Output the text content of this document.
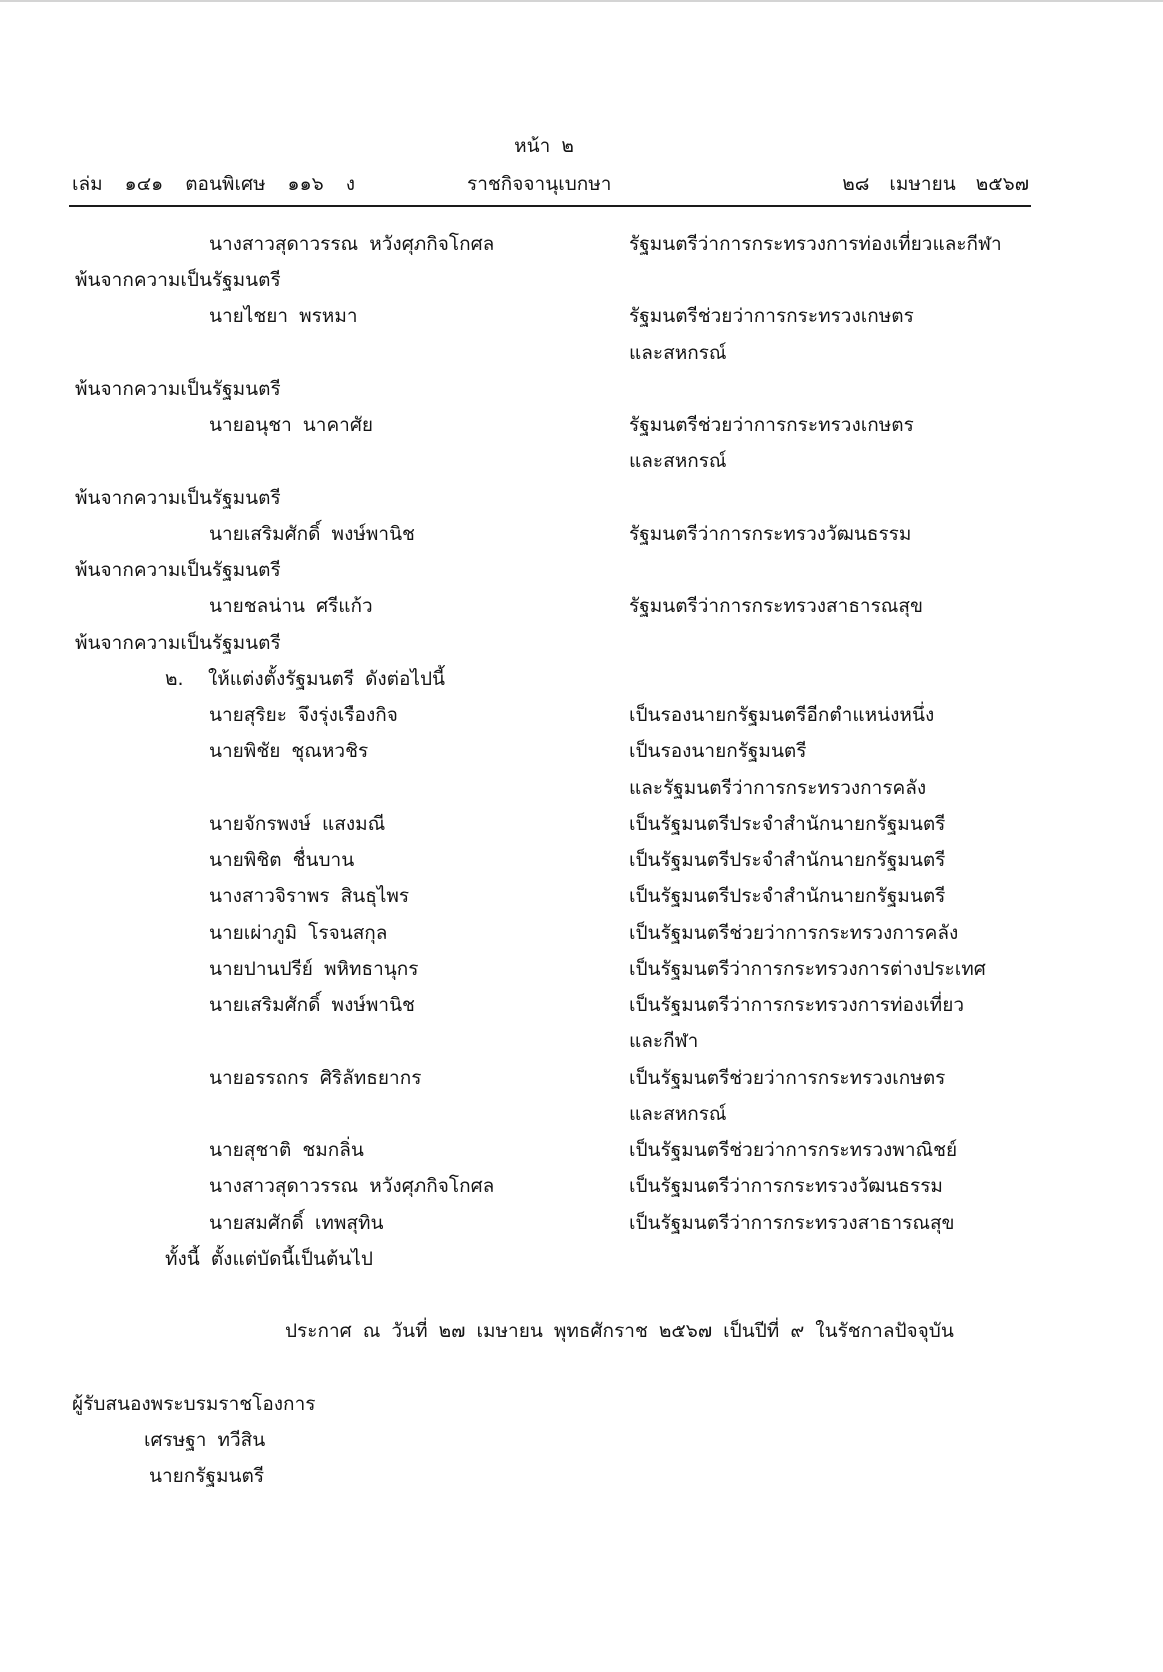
หน้า ๒
เล่ม ๑๔๑ ตอนพิเศษ ๑๑๖ ง	ราชกิจจานุเบกษา	๒๘ เมษายน ๒๕๖๗
นางสาวสุดาวรรณ หวังศุภกิจโกศล	รัฐมนตรีว่าการกระทรวงการท่องเที่ยวและกีฬา
พ้นจากความเป็นรัฐมนตรี
นายไชยา พรหมา	รัฐมนตรีช่วยว่าการกระทรวงเกษตร
และสหกรณ์
พ้นจากความเป็นรัฐมนตรี
นายอนุชา นาคาศัย	รัฐมนตรีช่วยว่าการกระทรวงเกษตร
และสหกรณ์
พ้นจากความเป็นรัฐมนตรี
นายเสริมศักดิ์ พงษ์พานิช	รัฐมนตรีว่าการกระทรวงวัฒนธรรม
พ้นจากความเป็นรัฐมนตรี
นายชลน่าน ศรีแก้ว	รัฐมนตรีว่าการกระทรวงสาธารณสุข
พ้นจากความเป็นรัฐมนตรี
๒.	ให้แต่งตั้งรัฐมนตรี ดังต่อไปนี้
นายสุริยะ จึงรุ่งเรืองกิจ	เป็นรองนายกรัฐมนตรีอีกตำแหน่งหนึ่ง
นายพิชัย ชุณหวชิร	เป็นรองนายกรัฐมนตรี
และรัฐมนตรีว่าการกระทรวงการคลัง
นายจักรพงษ์ แสงมณี	เป็นรัฐมนตรีประจำสำนักนายกรัฐมนตรี
นายพิชิต ชื่นบาน	เป็นรัฐมนตรีประจำสำนักนายกรัฐมนตรี
นางสาวจิราพร สินธุไพร	เป็นรัฐมนตรีประจำสำนักนายกรัฐมนตรี
นายเผ่าภูมิ โรจนสกุล	เป็นรัฐมนตรีช่วยว่าการกระทรวงการคลัง
นายปานปรีย์ พหิทธานุกร	เป็นรัฐมนตรีว่าการกระทรวงการต่างประเทศ
นายเสริมศักดิ์ พงษ์พานิช	เป็นรัฐมนตรีว่าการกระทรวงการท่องเที่ยว
และกีฬา
นายอรรถกร ศิริลัทธยากร	เป็นรัฐมนตรีช่วยว่าการกระทรวงเกษตร
และสหกรณ์
นายสุชาติ ชมกลิ่น	เป็นรัฐมนตรีช่วยว่าการกระทรวงพาณิชย์
นางสาวสุดาวรรณ หวังศุภกิจโกศล	เป็นรัฐมนตรีว่าการกระทรวงวัฒนธรรม
นายสมศักดิ์ เทพสุทิน	เป็นรัฐมนตรีว่าการกระทรวงสาธารณสุข
ทั้งนี้ ตั้งแต่บัดนี้เป็นต้นไป
ประกาศ ณ วันที่ ๒๗ เมษายน พุทธศักราช ๒๕๖๗ เป็นปีที่ ๙ ในรัชกาลปัจจุบัน
ผู้รับสนองพระบรมราชโองการ
เศรษฐา ทวีสิน
นายกรัฐมนตรี
